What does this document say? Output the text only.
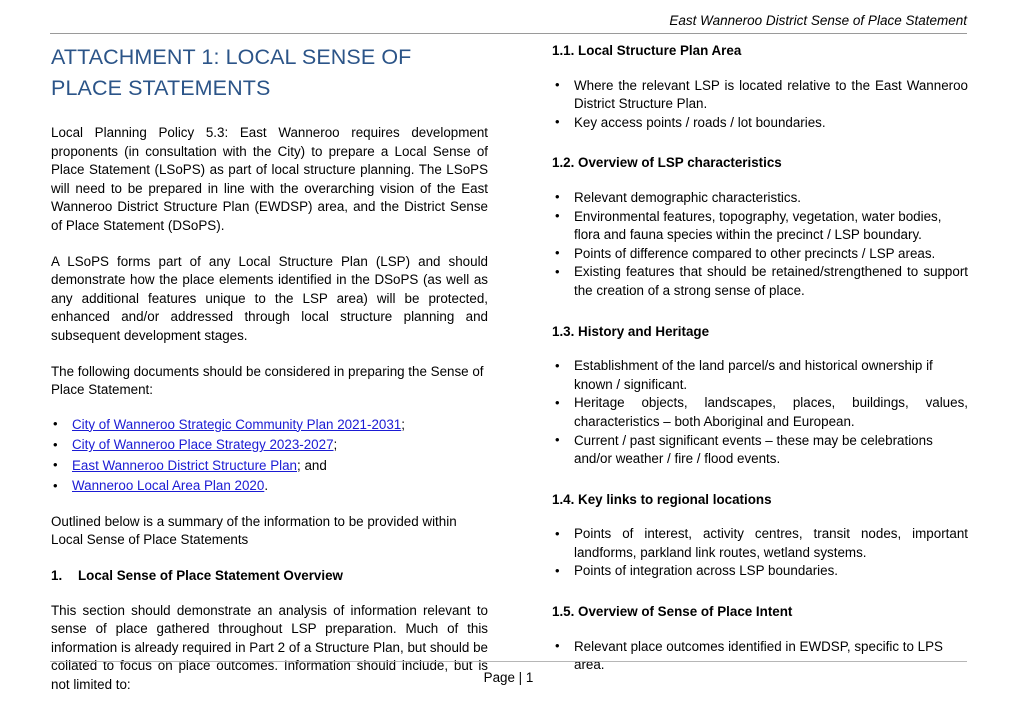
East Wanneroo District Sense of Place Statement
ATTACHMENT 1: LOCAL SENSE OF PLACE STATEMENTS

Local Planning Policy 5.3: East Wanneroo requires development proponents (in consultation with the City) to prepare a Local Sense of Place Statement (LSoPS) as part of local structure planning. The LSoPS will need to be prepared in line with the overarching vision of the East Wanneroo District Structure Plan (EWDSP) area, and the District Sense of Place Statement (DSoPS).

A LSoPS forms part of any Local Structure Plan (LSP) and should demonstrate how the place elements identified in the DSoPS (as well as any additional features unique to the LSP area) will be protected, enhanced and/or addressed through local structure planning and subsequent development stages.

The following documents should be considered in preparing the Sense of Place Statement:

• City of Wanneroo Strategic Community Plan 2021-2031;
• City of Wanneroo Place Strategy 2023-2027;
• East Wanneroo District Structure Plan; and
• Wanneroo Local Area Plan 2020.

Outlined below is a summary of the information to be provided within Local Sense of Place Statements

1.	Local Sense of Place Statement Overview

This section should demonstrate an analysis of information relevant to sense of place gathered throughout LSP preparation. Much of this information is already required in Part 2 of a Structure Plan, but should be collated to focus on place outcomes. Information should include, but is not limited to:

1.1. Local Structure Plan Area
• Where the relevant LSP is located relative to the East Wanneroo District Structure Plan.
• Key access points / roads / lot boundaries.
1.2. Overview of LSP characteristics
• Relevant demographic characteristics.
• Environmental features, topography, vegetation, water bodies, flora and fauna species within the precinct / LSP boundary.
• Points of difference compared to other precincts / LSP areas.
• Existing features that should be retained/strengthened to support the creation of a strong sense of place.
1.3. History and Heritage
• Establishment of the land parcel/s and historical ownership if known / significant.
• Heritage objects, landscapes, places, buildings, values, characteristics – both Aboriginal and European.
• Current / past significant events – these may be celebrations and/or weather / fire / flood events.
1.4. Key links to regional locations
• Points of interest, activity centres, transit nodes, important landforms, parkland link routes, wetland systems.
• Points of integration across LSP boundaries.
1.5. Overview of Sense of Place Intent
• Relevant place outcomes identified in EWDSP, specific to LPS area.
Page | 1
